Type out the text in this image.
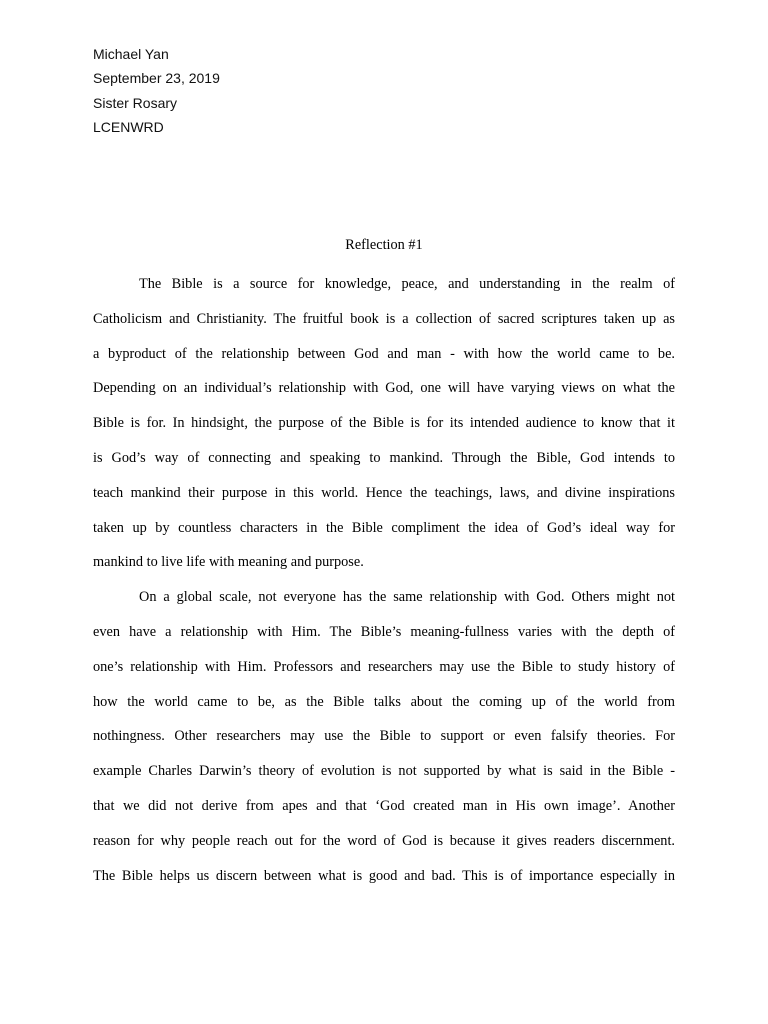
Michael Yan
September 23, 2019
Sister Rosary
LCENWRD
Reflection #1
The Bible is a source for knowledge, peace, and understanding in the realm of
Catholicism and Christianity. The fruitful book is a collection of sacred scriptures taken up as
a byproduct of the relationship between God and man - with how the world came to be.
Depending on an individual’s relationship with God, one will have varying views on what the
Bible is for. In hindsight, the purpose of the Bible is for its intended audience to know that it
is God’s way of connecting and speaking to mankind. Through the Bible, God intends to
teach mankind their purpose in this world. Hence the teachings, laws, and divine inspirations
taken up by countless characters in the Bible compliment the idea of God’s ideal way for
mankind to live life with meaning and purpose.
On a global scale, not everyone has the same relationship with God. Others might not
even have a relationship with Him. The Bible’s meaning-fullness varies with the depth of
one’s relationship with Him. Professors and researchers may use the Bible to study history of
how the world came to be, as the Bible talks about the coming up of the world from
nothingness. Other researchers may use the Bible to support or even falsify theories. For
example Charles Darwin’s theory of evolution is not supported by what is said in the Bible -
that we did not derive from apes and that ‘God created man in His own image’. Another
reason for why people reach out for the word of God is because it gives readers discernment.
The Bible helps us discern between what is good and bad. This is of importance especially in
